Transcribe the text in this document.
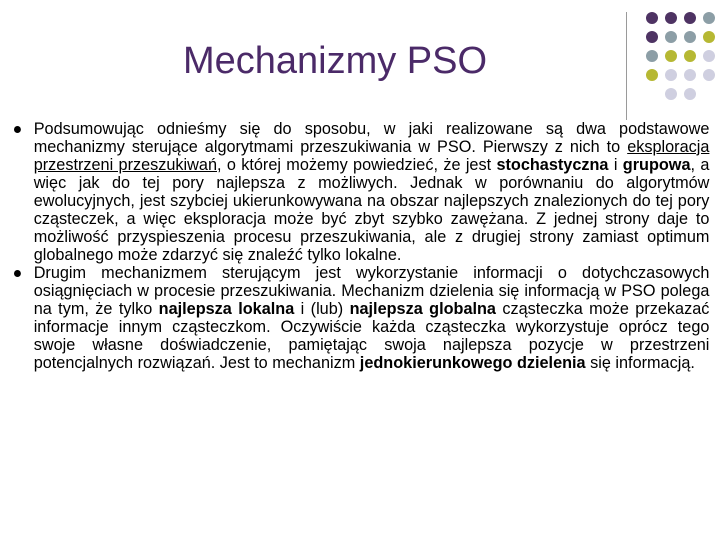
Mechanizmy PSO
Podsumowując odnieśmy się do sposobu, w jaki realizowane są dwa podstawowe mechanizmy sterujące algorytmami przeszukiwania w PSO. Pierwszy z nich to eksploracja przestrzeni przeszukiwań, o której możemy powiedzieć, że jest stochastyczna i grupowa, a więc jak do tej pory najlepsza z możliwych. Jednak w porównaniu do algorytmów ewolucyjnych, jest szybciej ukierunkowywana na obszar najlepszych znalezionych do tej pory cząsteczek, a więc eksploracja może być zbyt szybko zawężana. Z jednej strony daje to możliwość przyspieszenia procesu przeszukiwania, ale z drugiej strony zamiast optimum globalnego może zdarzyć się znaleźć tylko lokalne.
Drugim mechanizmem sterującym jest wykorzystanie informacji o dotychczasowych osiągnięciach w procesie przeszukiwania. Mechanizm dzielenia się informacją w PSO polega na tym, że tylko najlepsza lokalna i (lub) najlepsza globalna cząsteczka może przekazać informacje innym cząsteczkom. Oczywiście każda cząsteczka wykorzystuje oprócz tego swoje własne doświadczenie, pamiętając swoja najlepsza pozycje w przestrzeni potencjalnych rozwiązań. Jest to mechanizm jednokierunkowego dzielenia się informacją.
